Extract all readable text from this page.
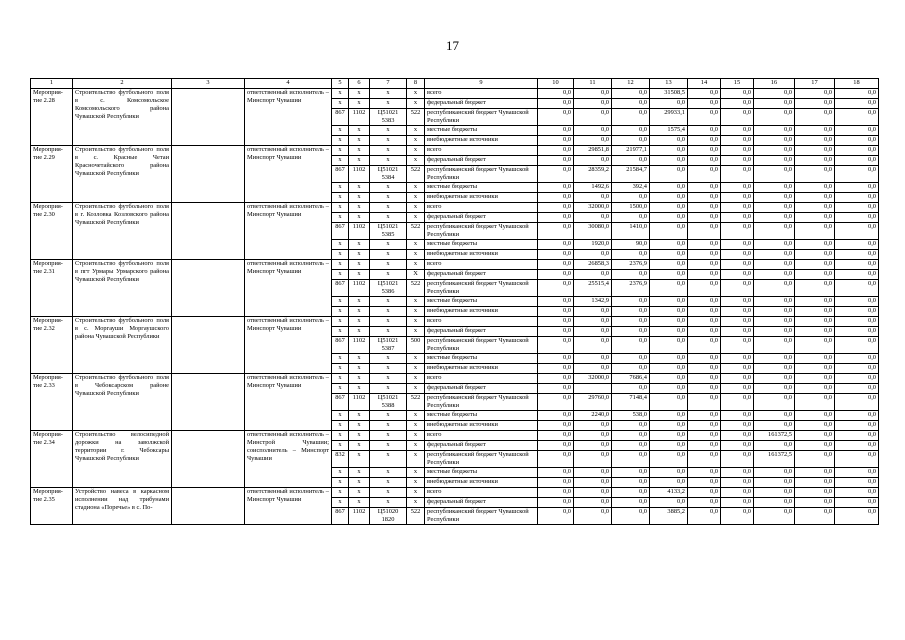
17
1	2	3	4	5	6	7	8	9	10	11	12	13	14	15	16	17	18
Мероприя-тие 2.28	Строительство футбольного поля в с. Комсомольское Комсомольского района Чувашской Республики		ответственный исполнитель – Минспорт Чувашии	x	x	x	x	всего	0,0	0,0	0,0	31508,5	0,0	0,0	0,0	0,0	0,0
				x	x	x	x	федеральный бюджет	0,0	0,0	0,0	0,0	0,0	0,0	0,0	0,0	0,0
				867	1102	Ц51021 5383	522	республиканский бюджет Чувашской Республики	0,0	0,0	0,0	29933,1	0,0	0,0	0,0	0,0	0,0
				x	x	x	x	местные бюджеты	0,0	0,0	0,0	1575,4	0,0	0,0	0,0	0,0	0,0
				x	x	x	x	внебюджетные источники	0,0	0,0	0,0	0,0	0,0	0,0	0,0	0,0	0,0
Мероприя-тие 2.29	Строительство футбольного поля в с. Красные Четаи Красночетайского района Чувашской Республики		ответственный исполнитель – Минспорт Чувашии	x	x	x	x	всего	0,0	29851,8	21977,1	0,0	0,0	0,0	0,0	0,0	0,0
				x	x	x	x	федеральный бюджет	0,0	0,0	0,0	0,0	0,0	0,0	0,0	0,0	0,0
				867	1102	Ц51021 5384	522	республиканский бюджет Чувашской Республики	0,0	28359,2	21584,7	0,0	0,0	0,0	0,0	0,0	0,0
				x	x	x	x	местные бюджеты	0,0	1492,6	392,4	0,0	0,0	0,0	0,0	0,0	0,0
				x	x	x	x	внебюджетные источники	0,0	0,0	0,0	0,0	0,0	0,0	0,0	0,0	0,0
Мероприя-тие 2.30	Строительство футбольного поля в г. Козловка Козловского района Чувашской Республики		ответственный исполнитель – Минспорт Чувашии	x	x	x	x	всего	0,0	32000,0	1500,0	0,0	0,0	0,0	0,0	0,0	0,0
				x	x	x	x	федеральный бюджет	0,0	0,0	0,0	0,0	0,0	0,0	0,0	0,0	0,0
				867	1102	Ц51021 5385	522	республиканский бюджет Чувашской Республики	0,0	30080,0	1410,0	0,0	0,0	0,0	0,0	0,0	0,0
				x	x	x	x	местные бюджеты	0,0	1920,0	90,0	0,0	0,0	0,0	0,0	0,0	0,0
				x	x	x	x	внебюджетные источники	0,0	0,0	0,0	0,0	0,0	0,0	0,0	0,0	0,0
Мероприя-тие 2.31	Строительство футбольного поля в пгт Урмары Урмарского района Чувашской Республики		ответственный исполнитель – Минспорт Чувашии	x	x	x	x	всего	0,0	26858,3	2376,9	0,0	0,0	0,0	0,0	0,0	0,0
				x	x	x	X	федеральный бюджет	0,0	0,0	0,0	0,0	0,0	0,0	0,0	0,0	0,0
				867	1102	Ц51021 5386	522	республиканский бюджет Чувашской Республики	0,0	25515,4	2376,9	0,0	0,0	0,0	0,0	0,0	0,0
				x	x	x	x	местные бюджеты	0,0	1342,9	0,0	0,0	0,0	0,0	0,0	0,0	0,0
				x	x	x	x	внебюджетные источники	0,0	0,0	0,0	0,0	0,0	0,0	0,0	0,0	0,0
Мероприя-тие 2.32	Строительство футбольного поля в с. Моргауши Моргаушского района Чувашской Республики		ответственный исполнитель – Минспорт Чувашии	x	x	x	x	всего	0,0	0,0	0,0	0,0	0,0	0,0	0,0	0,0	0,0
				x	x	x	x	федеральный бюджет	0,0	0,0	0,0	0,0	0,0	0,0	0,0	0,0	0,0
				867	1102	Ц51021 5387	500	республиканский бюджет Чувашской Республики	0,0	0,0	0,0	0,0	0,0	0,0	0,0	0,0	0,0
				x	x	x	x	местные бюджеты	0,0	0,0	0,0	0,0	0,0	0,0	0,0	0,0	0,0
				x	x	x	x	внебюджетные источники	0,0	0,0	0,0	0,0	0,0	0,0	0,0	0,0	0,0
Мероприя-тие 2.33	Строительство футбольного поля в Чебоксарском районе Чувашской Республики		ответственный исполнитель – Минспорт Чувашии	x	x	x	x	всего	0,0	32000,0	7686,4	0,0	0,0	0,0	0,0	0,0	0,0
				x	x	x	x	федеральный бюджет	0,0		0,0	0,0	0,0	0,0	0,0	0,0	0,0
				867	1102	Ц51021 5388	522	республиканский бюджет Чувашской Республики	0,0	29760,0	7148,4	0,0	0,0	0,0	0,0	0,0	0,0
				x	x	x	x	местные бюджеты	0,0	2240,0	538,0	0,0	0,0	0,0	0,0	0,0	0,0
				x	x	x	x	внебюджетные источники	0,0	0,0	0,0	0,0	0,0	0,0	0,0	0,0	0,0
Мероприя-тие 2.34	Строительство велосипедной дорожки на заволжской территории г. Чебоксары Чувашской Республики		ответственный исполнитель – Минстрой Чувашии; соисполнитель – Минспорт Чувашии	x	x	x	x	всего	0,0	0,0	0,0	0,0	0,0	0,0	161372,5	0,0	0,0
				x	x	x	x	федеральный бюджет	0,0	0,0	0,0	0,0	0,0	0,0	0,0	0,0	0,0
				832	x	x	x	республиканский бюджет Чувашской Республики	0,0	0,0	0,0	0,0	0,0	0,0	161372,5	0,0	0,0
				x	x	x	x	местные бюджеты	0,0	0,0	0,0	0,0	0,0	0,0	0,0	0,0	0,0
				x	x	x	x	внебюджетные источники	0,0	0,0	0,0	0,0	0,0	0,0	0,0	0,0	0,0
Мероприя-тие 2.35	Устройство навеса в каркасном исполнении над трибунами стадиона «Поречье» в с. По-		ответственный исполнитель – Минспорт Чувашии	x	x	x	x	всего	0,0	0,0	0,0	4133,2	0,0	0,0	0,0	0,0	0,0
				x	x	x	x	федеральный бюджет	0,0	0,0	0,0	0,0	0,0	0,0	0,0	0,0	0,0
				867	1102	Ц51020 1820	522	республиканский бюджет Чувашской Республики	0,0	0,0	0,0	3885,2	0,0	0,0	0,0	0,0	0,0
